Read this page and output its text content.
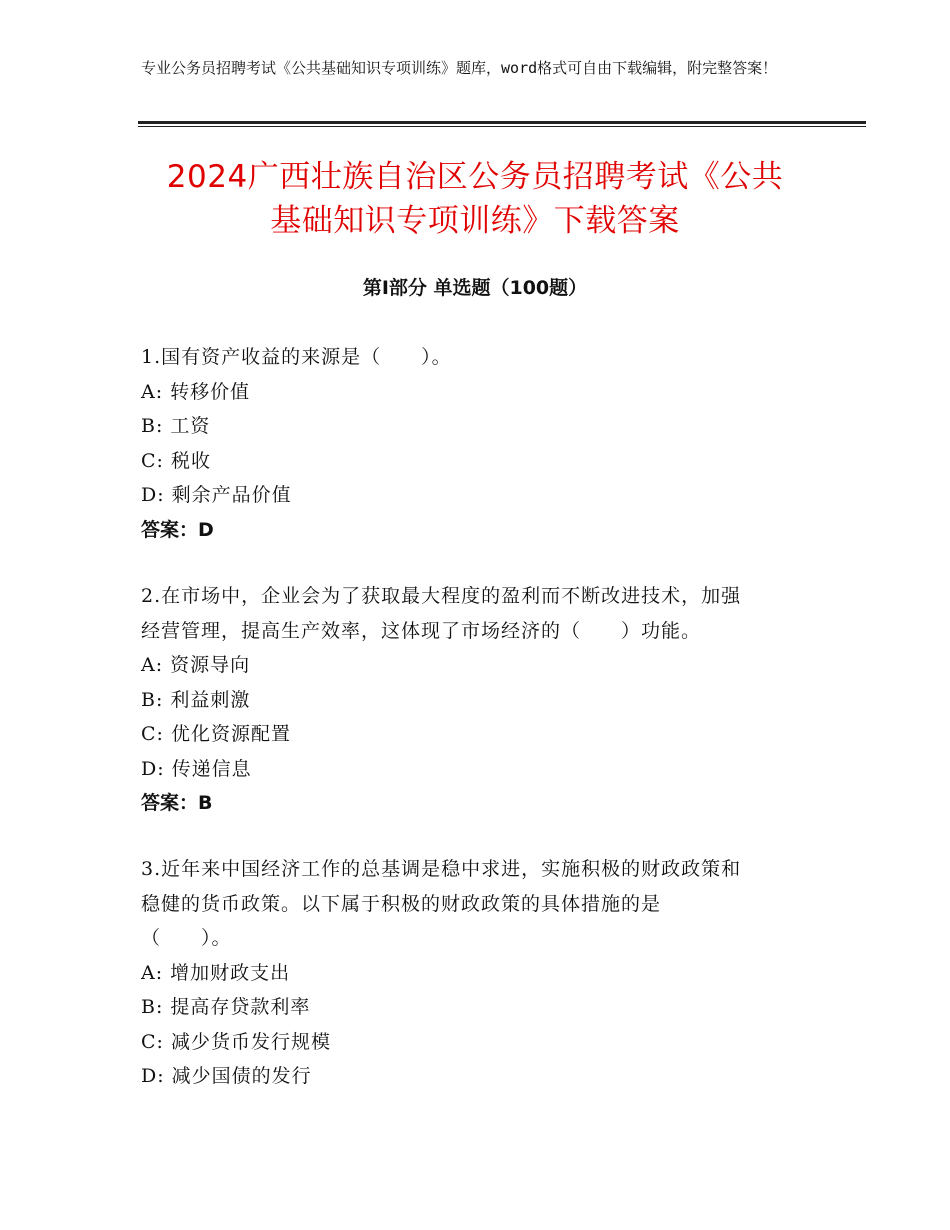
专业公务员招聘考试《公共基础知识专项训练》题库，word格式可自由下载编辑，附完整答案！
2024广西壮族自治区公务员招聘考试《公共
基础知识专项训练》下载答案
第Ⅰ部分 单选题（100题）

1.国有资产收益的来源是（　　）。

A: 转移价值

B: 工资

C: 税收

D: 剩余产品价值

答案：D

2.在市场中，企业会为了获取最大程度的盈利而不断改进技术，加强

经营管理，提高生产效率，这体现了市场经济的（　　）功能。

A: 资源导向

B: 利益刺激

C: 优化资源配置

D: 传递信息

答案：B

3.近年来中国经济工作的总基调是稳中求进，实施积极的财政政策和

稳健的货币政策。以下属于积极的财政政策的具体措施的是

（　　）。

A: 增加财政支出

B: 提高存贷款利率

C: 减少货币发行规模

D: 减少国债的发行
